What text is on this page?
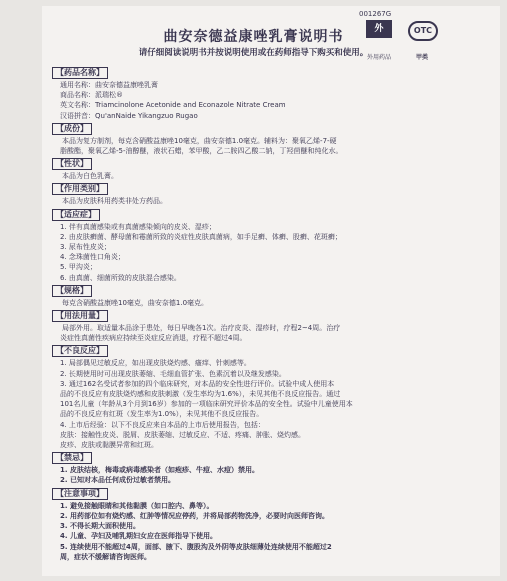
001267G
外
外用药品
OTC
甲类
曲安奈德益康唑乳膏说明书
请仔细阅读说明书并按说明使用或在药师指导下购买和使用。
【药品名称】
通用名称：曲安奈德益康唑乳膏
商品名称：派瑞松®
英文名称：Triamcinolone Acetonide and Econazole Nitrate Cream
汉语拼音：Qu'anNaide Yikangzuo Rugao
【成份】
本品为复方制剂，每克含硝酸益康唑10毫克，曲安奈德1.0毫克。辅料为：聚氧乙烯-7-硬
脂酸酯，聚氧乙烯-5-油醇醚，液状石蜡，苯甲酸，乙二胺四乙酸二钠，丁羟茴醚和纯化水。
【性状】
本品为白色乳膏。
【作用类别】
本品为皮肤科用药类非处方药品。
【适应症】
1. 伴有真菌感染或有真菌感染倾向的皮炎、湿疹；
2. 由皮肤癣菌、酵母菌和霉菌所致的炎症性皮肤真菌病，如手足癣、体癣、股癣、花斑癣；
3. 尿布性皮炎；
4. 念珠菌性口角炎；
5. 甲沟炎；
6. 由真菌、细菌所致的皮肤混合感染。
【规格】
每克含硝酸益康唑10毫克，曲安奈德1.0毫克。
【用法用量】
局部外用。取适量本品涂于患处，每日早晚各1次。治疗皮炎、湿疹时，疗程2~4周。治疗
炎症性真菌性疾病应持续至炎症反应消退，疗程不超过4周。
【不良反应】
1. 局部偶见过敏反应，如出现皮肤烧灼感、瘙痒、针刺感等。
2. 长期使用时可出现皮肤萎缩、毛细血管扩张、色素沉着以及继发感染。
3. 通过162名受试者参加的四个临床研究，对本品的安全性进行评价。试验中成人使用本
品的不良反应有皮肤烧灼感和皮肤刺激（发生率均为1.6%），未见其他不良反应报告。通过
101名儿童（年龄从3个月到16岁）参加的一项临床研究评价本品的安全性。试验中儿童使用本
品的不良反应有红斑（发生率为1.0%），未见其他不良反应报告。
4. 上市后经验：以下不良反应来自本品的上市后使用报告，包括：
皮肤：接触性皮炎、脱屑、皮肤萎缩、过敏反应、不适、疼痛、肿胀、烧灼感。
皮疹、皮肤或黏膜异常和红斑。
【禁忌】
1. 皮肤结核，梅毒或病毒感染者（如疱疹、牛痘、水痘）禁用。
2. 已知对本品任何成份过敏者禁用。
【注意事项】
1. 避免接触眼睛和其他黏膜（如口腔内、鼻等）。
2. 用药部位如有烧灼感、红肿等情况应停药，并将局部药物洗净，必要时向医师咨询。
3. 不得长期大面积使用。
4. 儿童、孕妇及哺乳期妇女应在医师指导下使用。
5. 连续使用不能超过4周，面部、腋下、腹股沟及外阴等皮肤细薄处连续使用不能超过2
周，症状不缓解请咨询医师。
